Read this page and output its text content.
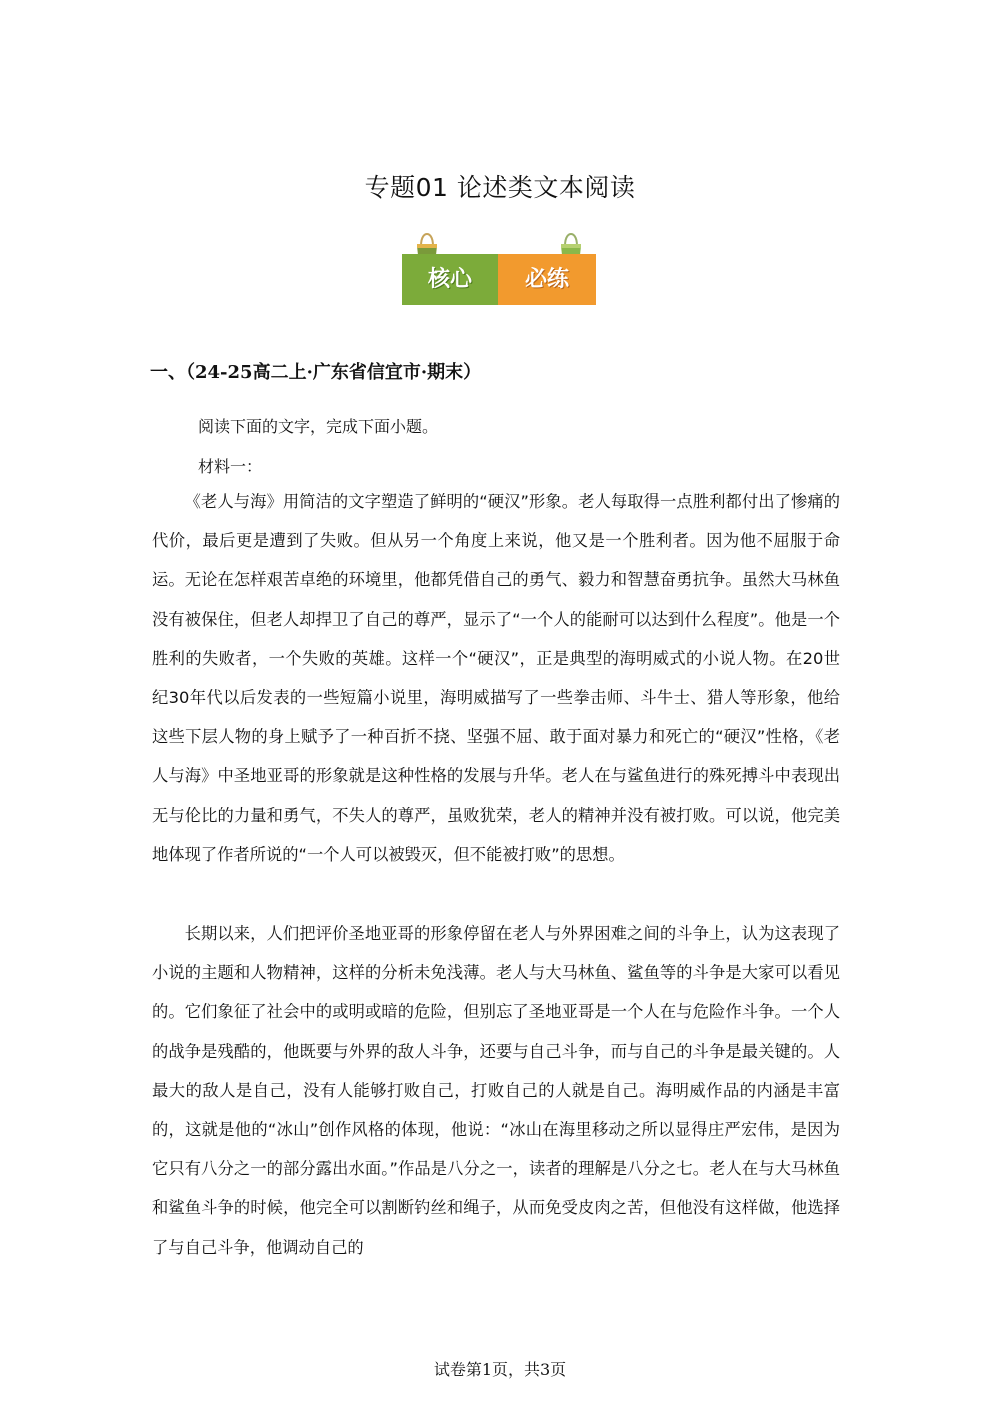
专题01 论述类文本阅读
核心	必练
一、（24-25高二上·广东省信宜市·期末）
阅读下面的文字，完成下面小题。
材料一：

《老人与海》用简洁的文字塑造了鲜明的“硬汉”形象。老人每取得一点胜利都付出了惨痛的代价，最后更是遭到了失败。但从另一个角度上来说，他又是一个胜利者。因为他不屈服于命运。无论在怎样艰苦卓绝的环境里，他都凭借自己的勇气、毅力和智慧奋勇抗争。虽然大马林鱼没有被保住，但老人却捍卫了自己的尊严，显示了“一个人的能耐可以达到什么程度”。他是一个胜利的失败者，一个失败的英雄。这样一个“硬汉”，正是典型的海明威式的小说人物。在20世纪30年代以后发表的一些短篇小说里，海明威描写了一些拳击师、斗牛士、猎人等形象，他给这些下层人物的身上赋予了一种百折不挠、坚强不屈、敢于面对暴力和死亡的“硬汉”性格，《老人与海》中圣地亚哥的形象就是这种性格的发展与升华。老人在与鲨鱼进行的殊死搏斗中表现出无与伦比的力量和勇气，不失人的尊严，虽败犹荣，老人的精神并没有被打败。可以说，他完美地体现了作者所说的“一个人可以被毁灭，但不能被打败”的思想。

长期以来，人们把评价圣地亚哥的形象停留在老人与外界困难之间的斗争上，认为这表现了小说的主题和人物精神，这样的分析未免浅薄。老人与大马林鱼、鲨鱼等的斗争是大家可以看见的。它们象征了社会中的或明或暗的危险，但别忘了圣地亚哥是一个人在与危险作斗争。一个人的战争是残酷的，他既要与外界的敌人斗争，还要与自己斗争，而与自己的斗争是最关键的。人最大的敌人是自己，没有人能够打败自己，打败自己的人就是自己。海明威作品的内涵是丰富的，这就是他的“冰山”创作风格的体现，他说：“冰山在海里移动之所以显得庄严宏伟，是因为它只有八分之一的部分露出水面。”作品是八分之一，读者的理解是八分之七。老人在与大马林鱼和鲨鱼斗争的时候，他完全可以割断钓丝和绳子，从而免受皮肉之苦，但他没有这样做，他选择了与自己斗争，他调动自己的

试卷第1页，共3页
